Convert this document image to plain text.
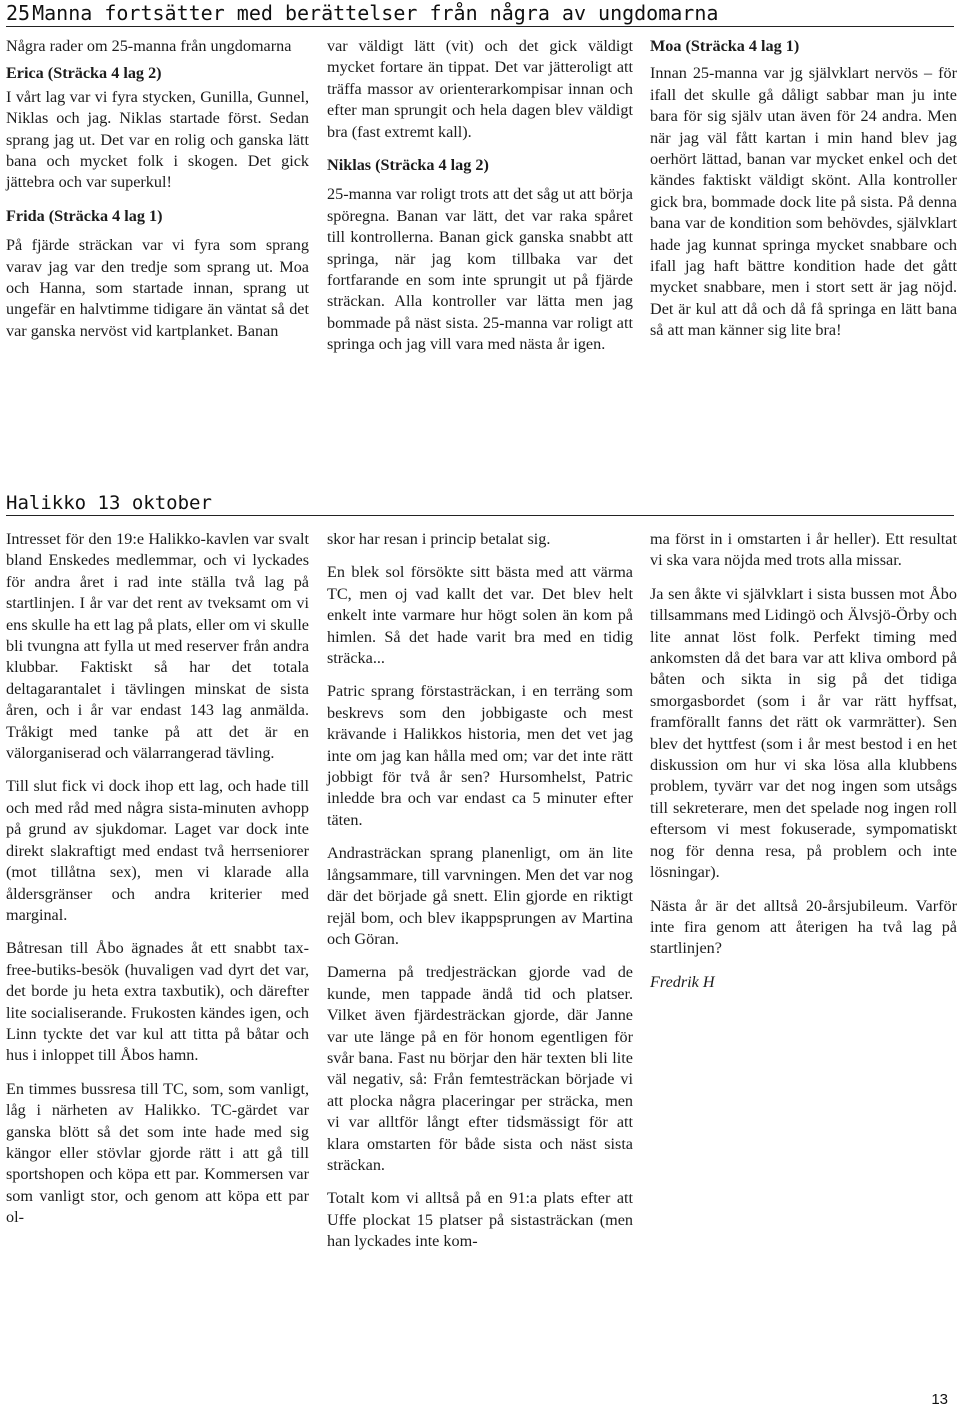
25 Manna fortsätter med berättelser från några av ungdomarna

Några rader om 25-manna från ungdomarna

Erica (Sträcka 4 lag 2)

I vårt lag var vi fyra stycken, Gunilla, Gunnel, Niklas och jag. Niklas startade först. Sedan sprang jag ut. Det var en rolig och ganska lätt bana och mycket folk i skogen. Det gick jättebra och var superkul!

Frida (Sträcka 4 lag 1)

På fjärde sträckan var vi fyra som sprang varav jag var den tredje som sprang ut. Moa och Hanna, som startade innan, sprang ut ungefär en halvtimme tidigare än väntat så det var ganska nervöst vid kartplanket. Banan

var väldigt lätt (vit) och det gick väldigt mycket fortare än tippat. Det var jätteroligt att träffa massor av orienterarkompisar innan och efter man sprungit och hela dagen blev väldigt bra (fast extremt kall).

Niklas (Sträcka 4 lag 2)

25-manna var roligt trots att det såg ut att börja spöregna. Banan var lätt, det var raka spåret till kontrollerna. Banan gick ganska snabbt att springa, när jag kom tillbaka var det fortfarande en som inte sprungit ut på fjärde sträckan. Alla kontroller var lätta men jag bommade på näst sista. 25-manna var roligt att springa och jag vill vara med nästa år igen.

Moa (Sträcka 4 lag 1)

Innan 25-manna var jg självklart nervös – för ifall det skulle gå dåligt sabbar man ju inte bara för sig själv utan även för 24 andra. Men när jag väl fått kartan i min hand blev jag oerhört lättad, banan var mycket enkel och det kändes faktiskt väldigt skönt. Alla kontroller gick bra, bommade dock lite på sista. På denna bana var de kondition som behövdes, självklart hade jag kunnat springa mycket snabbare och ifall jag haft bättre kondition hade det gått mycket snabbare, men i stort sett är jag nöjd. Det är kul att då och då få springa en lätt bana så att man känner sig lite bra!

Halikko 13 oktober

Intresset för den 19:e Halikko-kavlen var svalt bland Enskedes medlemmar, och vi lyckades för andra året i rad inte ställa två lag på startlinjen. I år var det rent av tveksamt om vi ens skulle ha ett lag på plats, eller om vi skulle bli tvungna att fylla ut med reserver från andra klubbar. Faktiskt så har det totala deltagarantalet i tävlingen minskat de sista åren, och i år var endast 143 lag anmälda. Tråkigt med tanke på att det är en välorganiserad och välarrangerad tävling.

Till slut fick vi dock ihop ett lag, och hade till och med råd med några sista-minuten avhopp på grund av sjukdomar. Laget var dock inte direkt slakraftigt med endast två herrseniorer (mot tillåtna sex), men vi klarade alla åldersgränser och andra kriterier med marginal.

Båtresan till Åbo ägnades åt ett snabbt tax-free-butiks-besök (huvaligen vad dyrt det var, det borde ju heta extra taxbutik), och därefter lite socialiserande. Frukosten kändes igen, och Linn tyckte det var kul att titta på båtar och hus i inloppet till Åbos hamn.

En timmes bussresa till TC, som, som vanligt, låg i närheten av Halikko. TC-gärdet var ganska blött så det som inte hade med sig kängor eller stövlar gjorde rätt i att gå till sportshopen och köpa ett par. Kommersen var som vanligt stor, och genom att köpa ett par ol-

skor har resan i princip betalat sig.

En blek sol försökte sitt bästa med att värma TC, men oj vad kallt det var. Det blev helt enkelt inte varmare hur högt solen än kom på himlen. Så det hade varit bra med en tidig sträcka...

Patric sprang förstasträckan, i en terräng som beskrevs som den jobbigaste och mest krävande i Halikkos historia, men det vet jag inte om jag kan hålla med om; var det inte rätt jobbigt för två år sen? Hursomhelst, Patric inledde bra och var endast ca 5 minuter efter täten.

Andrasträckan sprang planenligt, om än lite långsammare, till varvningen. Men det var nog där det började gå snett. Elin gjorde en riktigt rejäl bom, och blev ikappsprungen av Martina och Göran.

Damerna på tredjesträckan gjorde vad de kunde, men tappade ändå tid och platser. Vilket även fjärdesträckan gjorde, där Janne var ute länge på en för honom egentligen för svår bana. Fast nu börjar den här texten bli lite väl negativ, så: Från femtesträckan började vi att plocka några placeringar per sträcka, men vi var alltför långt efter tidsmässigt för att klara omstarten för både sista och näst sista sträckan.

Totalt kom vi alltså på en 91:a plats efter att Uffe plockat 15 platser på sistasträckan (men han lyckades inte kom-

ma först in i omstarten i år heller). Ett resultat vi ska vara nöjda med trots alla missar.

Ja sen åkte vi självklart i sista bussen mot Åbo tillsammans med Lidingö och Älvsjö-Örby och lite annat löst folk. Perfekt timing med ankomsten då det bara var att kliva ombord på båten och sikta in sig på det tidiga smorgasbordet (som i år var rätt hyffsat, framförallt fanns det rätt ok varmrätter). Sen blev det hyttfest (som i år mest bestod i en het diskussion om hur vi ska lösa alla klubbens problem, tyvärr var det nog ingen som utsågs till sekreterare, men det spelade nog ingen roll eftersom vi mest fokuserade, sympomatiskt nog för denna resa, på problem och inte lösningar).

Nästa år är det alltså 20-årsjubileum. Varför inte fira genom att återigen ha två lag på startlinjen?

Fredrik H

13
